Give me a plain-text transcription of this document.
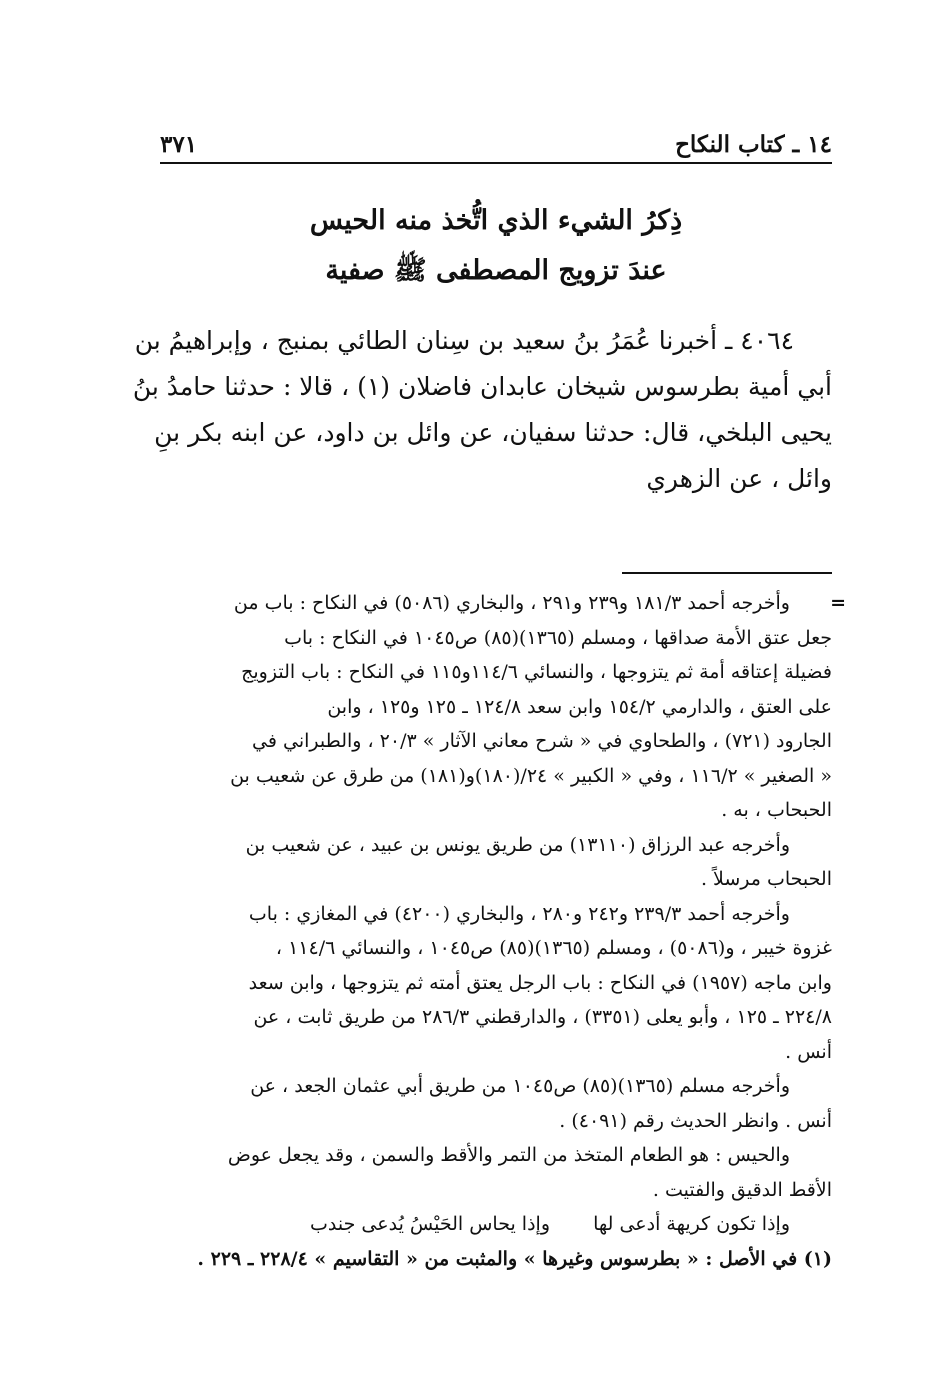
١٤ ـ كتاب النكاح
٣٧١
ذِكرُ الشيء الذي اتُّخذ منه الحيس
عندَ تزويج المصطفى ﷺ صفية
٤٠٦٤ ـ أخبرنا عُمَرُ بنُ سعيد بن سِنان الطائي بمنبج ، وإبراهيمُ بن
أبي أمية بطرسوس شيخان عابدان فاضلان (١) ، قالا : حدثنا حامدُ بنُ
يحيى البلخي، قال: حدثنا سفيان، عن وائل بن داود، عن ابنه بكر بنِ
وائل ، عن الزهري
=
وأخرجه أحمد ١٨١/٣ و٢٣٩ و٢٩١ ، والبخاري (٥٠٨٦) في النكاح : باب من
جعل عتق الأمة صداقها ، ومسلم (١٣٦٥)(٨٥) ص١٠٤٥ في النكاح : باب
فضيلة إعتاقه أمة ثم يتزوجها ، والنسائي ١١٤/٦و١١٥ في النكاح : باب التزويج
على العتق ، والدارمي ١٥٤/٢ وابن سعد ١٢٤/٨ ـ ١٢٥ و١٢٥ ، وابن
الجارود (٧٢١) ، والطحاوي في « شرح معاني الآثار » ٢٠/٣ ، والطبراني في
« الصغير » ١١٦/٢ ، وفي « الكبير » ٢٤/(١٨٠)و(١٨١) من طرق عن شعيب بن
الحبحاب ، به .
وأخرجه عبد الرزاق (١٣١١٠) من طريق يونس بن عبيد ، عن شعيب بن
الحبحاب مرسلاً .
وأخرجه أحمد ٢٣٩/٣ و٢٤٢ و٢٨٠ ، والبخاري (٤٢٠٠) في المغازي : باب
غزوة خيبر ، و(٥٠٨٦) ، ومسلم (١٣٦٥)(٨٥) ص١٠٤٥ ، والنسائي ١١٤/٦ ،
وابن ماجه (١٩٥٧) في النكاح : باب الرجل يعتق أمته ثم يتزوجها ، وابن سعد
٢٢٤/٨ ـ ١٢٥ ، وأبو يعلى (٣٣٥١) ، والدارقطني ٢٨٦/٣ من طريق ثابت ، عن
أنس .
وأخرجه مسلم (١٣٦٥)(٨٥) ص١٠٤٥ من طريق أبي عثمان الجعد ، عن
أنس . وانظر الحديث رقم (٤٠٩١) .
والحيس : هو الطعام المتخذ من التمر والأقط والسمن ، وقد يجعل عوض
الأقط الدقيق والفتيت .
وإذا تكون كريهة أدعى لهاوإذا يحاس الحَيْسُ يُدعى جندب
(١) في الأصل : « بطرسوس وغيرها » والمثبت من « التقاسيم » ٢٢٨/٤ ـ ٢٢٩ .
